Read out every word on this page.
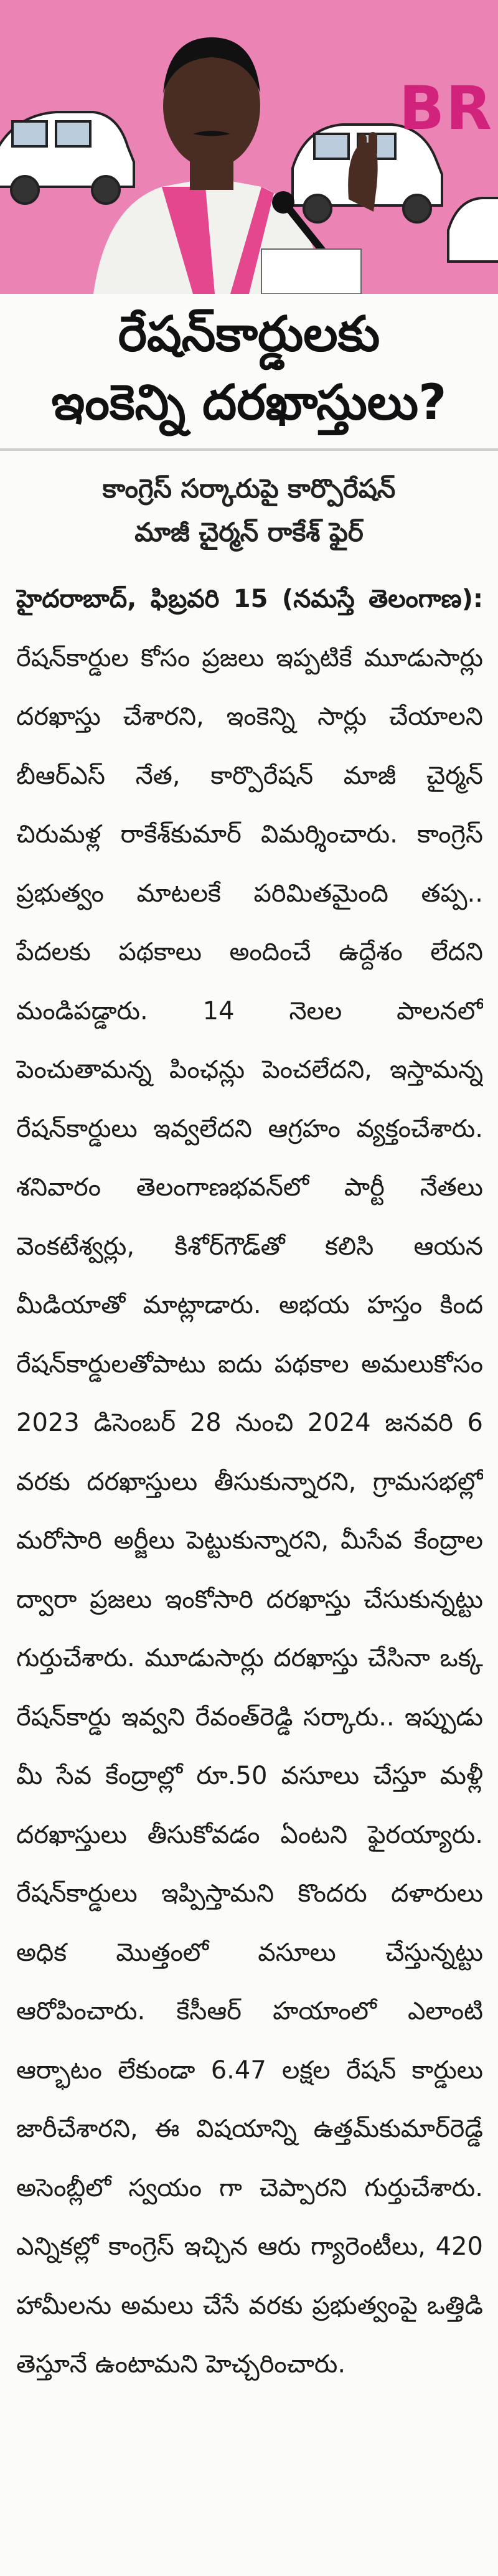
BR
రేషన్‌కార్డులకు
ఇంకెన్ని దరఖాస్తులు?
కాంగ్రెస్ సర్కారుపై కార్పొరేషన్
మాజీ చైర్మన్ రాకేశ్ ఫైర్

హైదరాబాద్, ఫిబ్రవరి 15 (నమస్తే తెలంగాణ): రేషన్‌కార్డుల కోసం ప్రజలు ఇప్పటికే మూడుసార్లు దరఖాస్తు చేశారని, ఇంకెన్ని సార్లు చేయాలని బీఆర్ఎస్ నేత, కార్పొరేషన్ మాజీ చైర్మన్ చిరుమళ్ల రాకేశ్‌కుమార్ విమర్శించారు. కాంగ్రెస్ ప్రభుత్వం మాటలకే పరిమితమైంది తప్ప.. పేదలకు పథకాలు అందించే ఉద్దేశం లేదని మండిపడ్డారు. 14 నెలల పాలనలో పెంచుతామన్న పింఛన్లు పెంచలేదని, ఇస్తామన్న రేషన్‌కార్డులు ఇవ్వలేదని ఆగ్రహం వ్యక్తంచేశారు. శనివారం తెలంగాణభవన్‌లో పార్టీ నేతలు వెంకటేశ్వర్లు, కిశోర్‌గౌడ్‌తో కలిసి ఆయన మీడియాతో మాట్లాడారు. అభయ హస్తం కింద రేషన్‌కార్డులతోపాటు ఐదు పథకాల అమలుకోసం 2023 డిసెంబర్ 28 నుంచి 2024 జనవరి 6 వరకు దరఖాస్తులు తీసుకున్నారని, గ్రామసభల్లో మరోసారి అర్జీలు పెట్టుకున్నారని, మీసేవ కేంద్రాల ద్వారా ప్రజలు ఇంకోసారి దరఖాస్తు చేసుకున్నట్టు గుర్తుచేశారు. మూడుసార్లు దరఖాస్తు చేసినా ఒక్క రేషన్‌కార్డు ఇవ్వని రేవంత్‌రెడ్డి సర్కారు.. ఇప్పుడు మీ సేవ కేంద్రాల్లో రూ.50 వసూలు చేస్తూ మళ్లీ దరఖాస్తులు తీసుకోవడం ఏంటని ఫైరయ్యారు. రేషన్‌కార్డులు ఇప్పిస్తామని కొందరు దళారులు అధిక మొత్తంలో వసూలు చేస్తున్నట్టు ఆరోపించారు. కేసీఆర్ హయాంలో ఎలాంటి ఆర్భాటం లేకుండా 6.47 లక్షల రేషన్ కార్డులు జారీచేశారని, ఈ విషయాన్ని ఉత్తమ్‌కుమార్‌రెడ్డే అసెంబ్లీలో స్వయం గా చెప్పారని గుర్తుచేశారు. ఎన్నికల్లో కాంగ్రెస్ ఇచ్చిన ఆరు గ్యారెంటీలు, 420 హామీలను అమలు చేసే వరకు ప్రభుత్వంపై ఒత్తిడి తెస్తూనే ఉంటామని హెచ్చరించారు.
